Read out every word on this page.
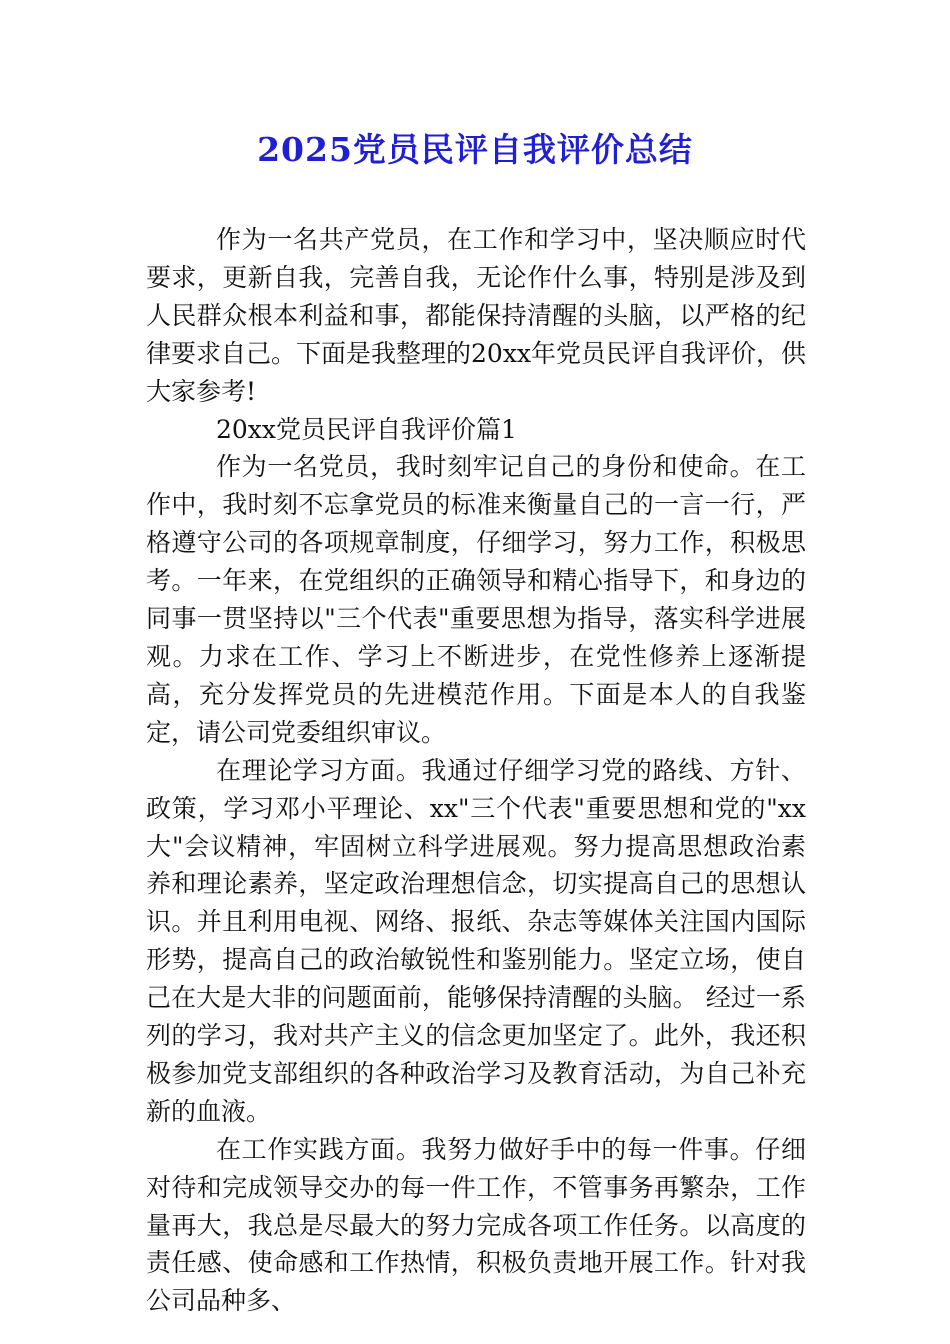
2025党员民评自我评价总结

作为一名共产党员，在工作和学习中，坚决顺应时代要求，更新自我，完善自我，无论作什么事，特别是涉及到人民群众根本利益和事，都能保持清醒的头脑，以严格的纪律要求自己。下面是我整理的20xx年党员民评自我评价，供大家参考!

20xx党员民评自我评价篇1

作为一名党员，我时刻牢记自己的身份和使命。在工作中，我时刻不忘拿党员的标准来衡量自己的一言一行，严格遵守公司的各项规章制度，仔细学习，努力工作，积极思考。一年来，在党组织的正确领导和精心指导下，和身边的同事一贯坚持以"三个代表"重要思想为指导，落实科学进展观。力求在工作、学习上不断进步，在党性修养上逐渐提高，充分发挥党员的先进模范作用。下面是本人的自我鉴定，请公司党委组织审议。

在理论学习方面。我通过仔细学习党的路线、方针、政策，学习邓小平理论、xx"三个代表"重要思想和党的"xx大"会议精神，牢固树立科学进展观。努力提高思想政治素养和理论素养，坚定政治理想信念，切实提高自己的思想认识。并且利用电视、网络、报纸、杂志等媒体关注国内国际形势，提高自己的政治敏锐性和鉴别能力。坚定立场，使自己在大是大非的问题面前，能够保持清醒的头脑。 经过一系列的学习，我对共产主义的信念更加坚定了。此外，我还积极参加党支部组织的各种政治学习及教育活动，为自己补充新的血液。

在工作实践方面。我努力做好手中的每一件事。仔细对待和完成领导交办的每一件工作，不管事务再繁杂，工作量再大，我总是尽最大的努力完成各项工作任务。以高度的责任感、使命感和工作热情，积极负责地开展工作。针对我公司品种多、
